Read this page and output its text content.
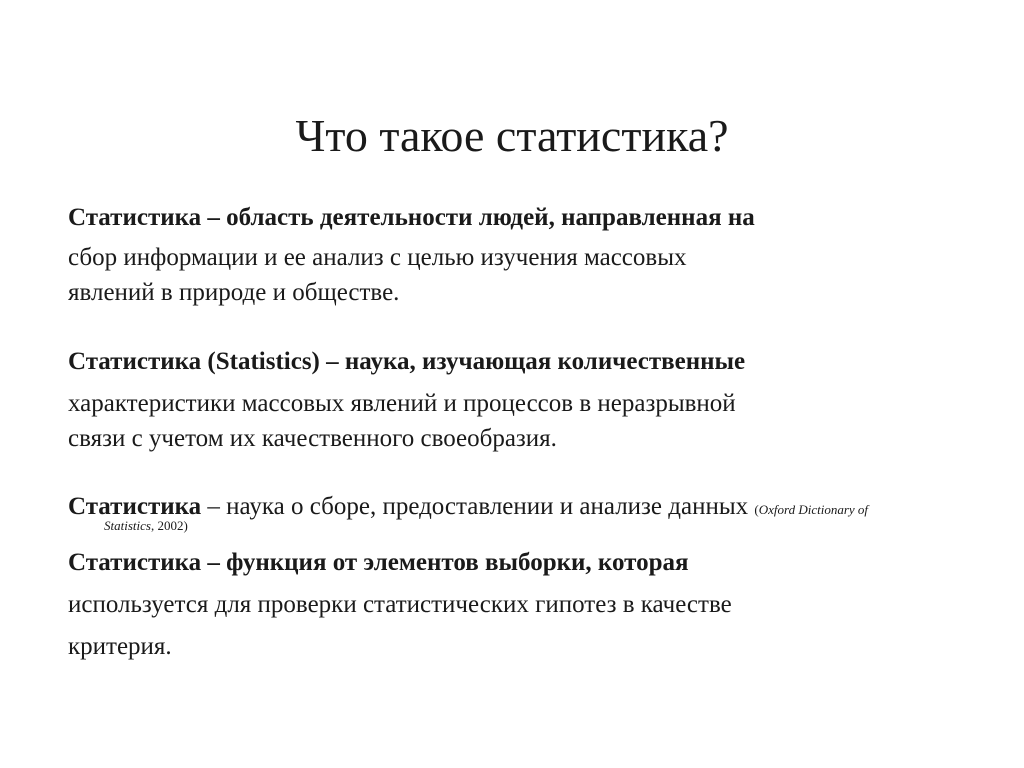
Что такое статистика?

Статистика – область деятельности людей, направленная на

сбор информации и ее анализ с целью изучения массовых

явлений в природе и обществе.

Статистика (Statistics) – наука, изучающая количественные

характеристики массовых явлений и процессов в неразрывной

связи с учетом их качественного своеобразия.

Статистика – наука о сборе, предоставлении и анализе данных (Oxford Dictionary of

Statistics, 2002)

Статистика – функция от элементов выборки, которая

используется для проверки статистических гипотез в качестве

критерия.
